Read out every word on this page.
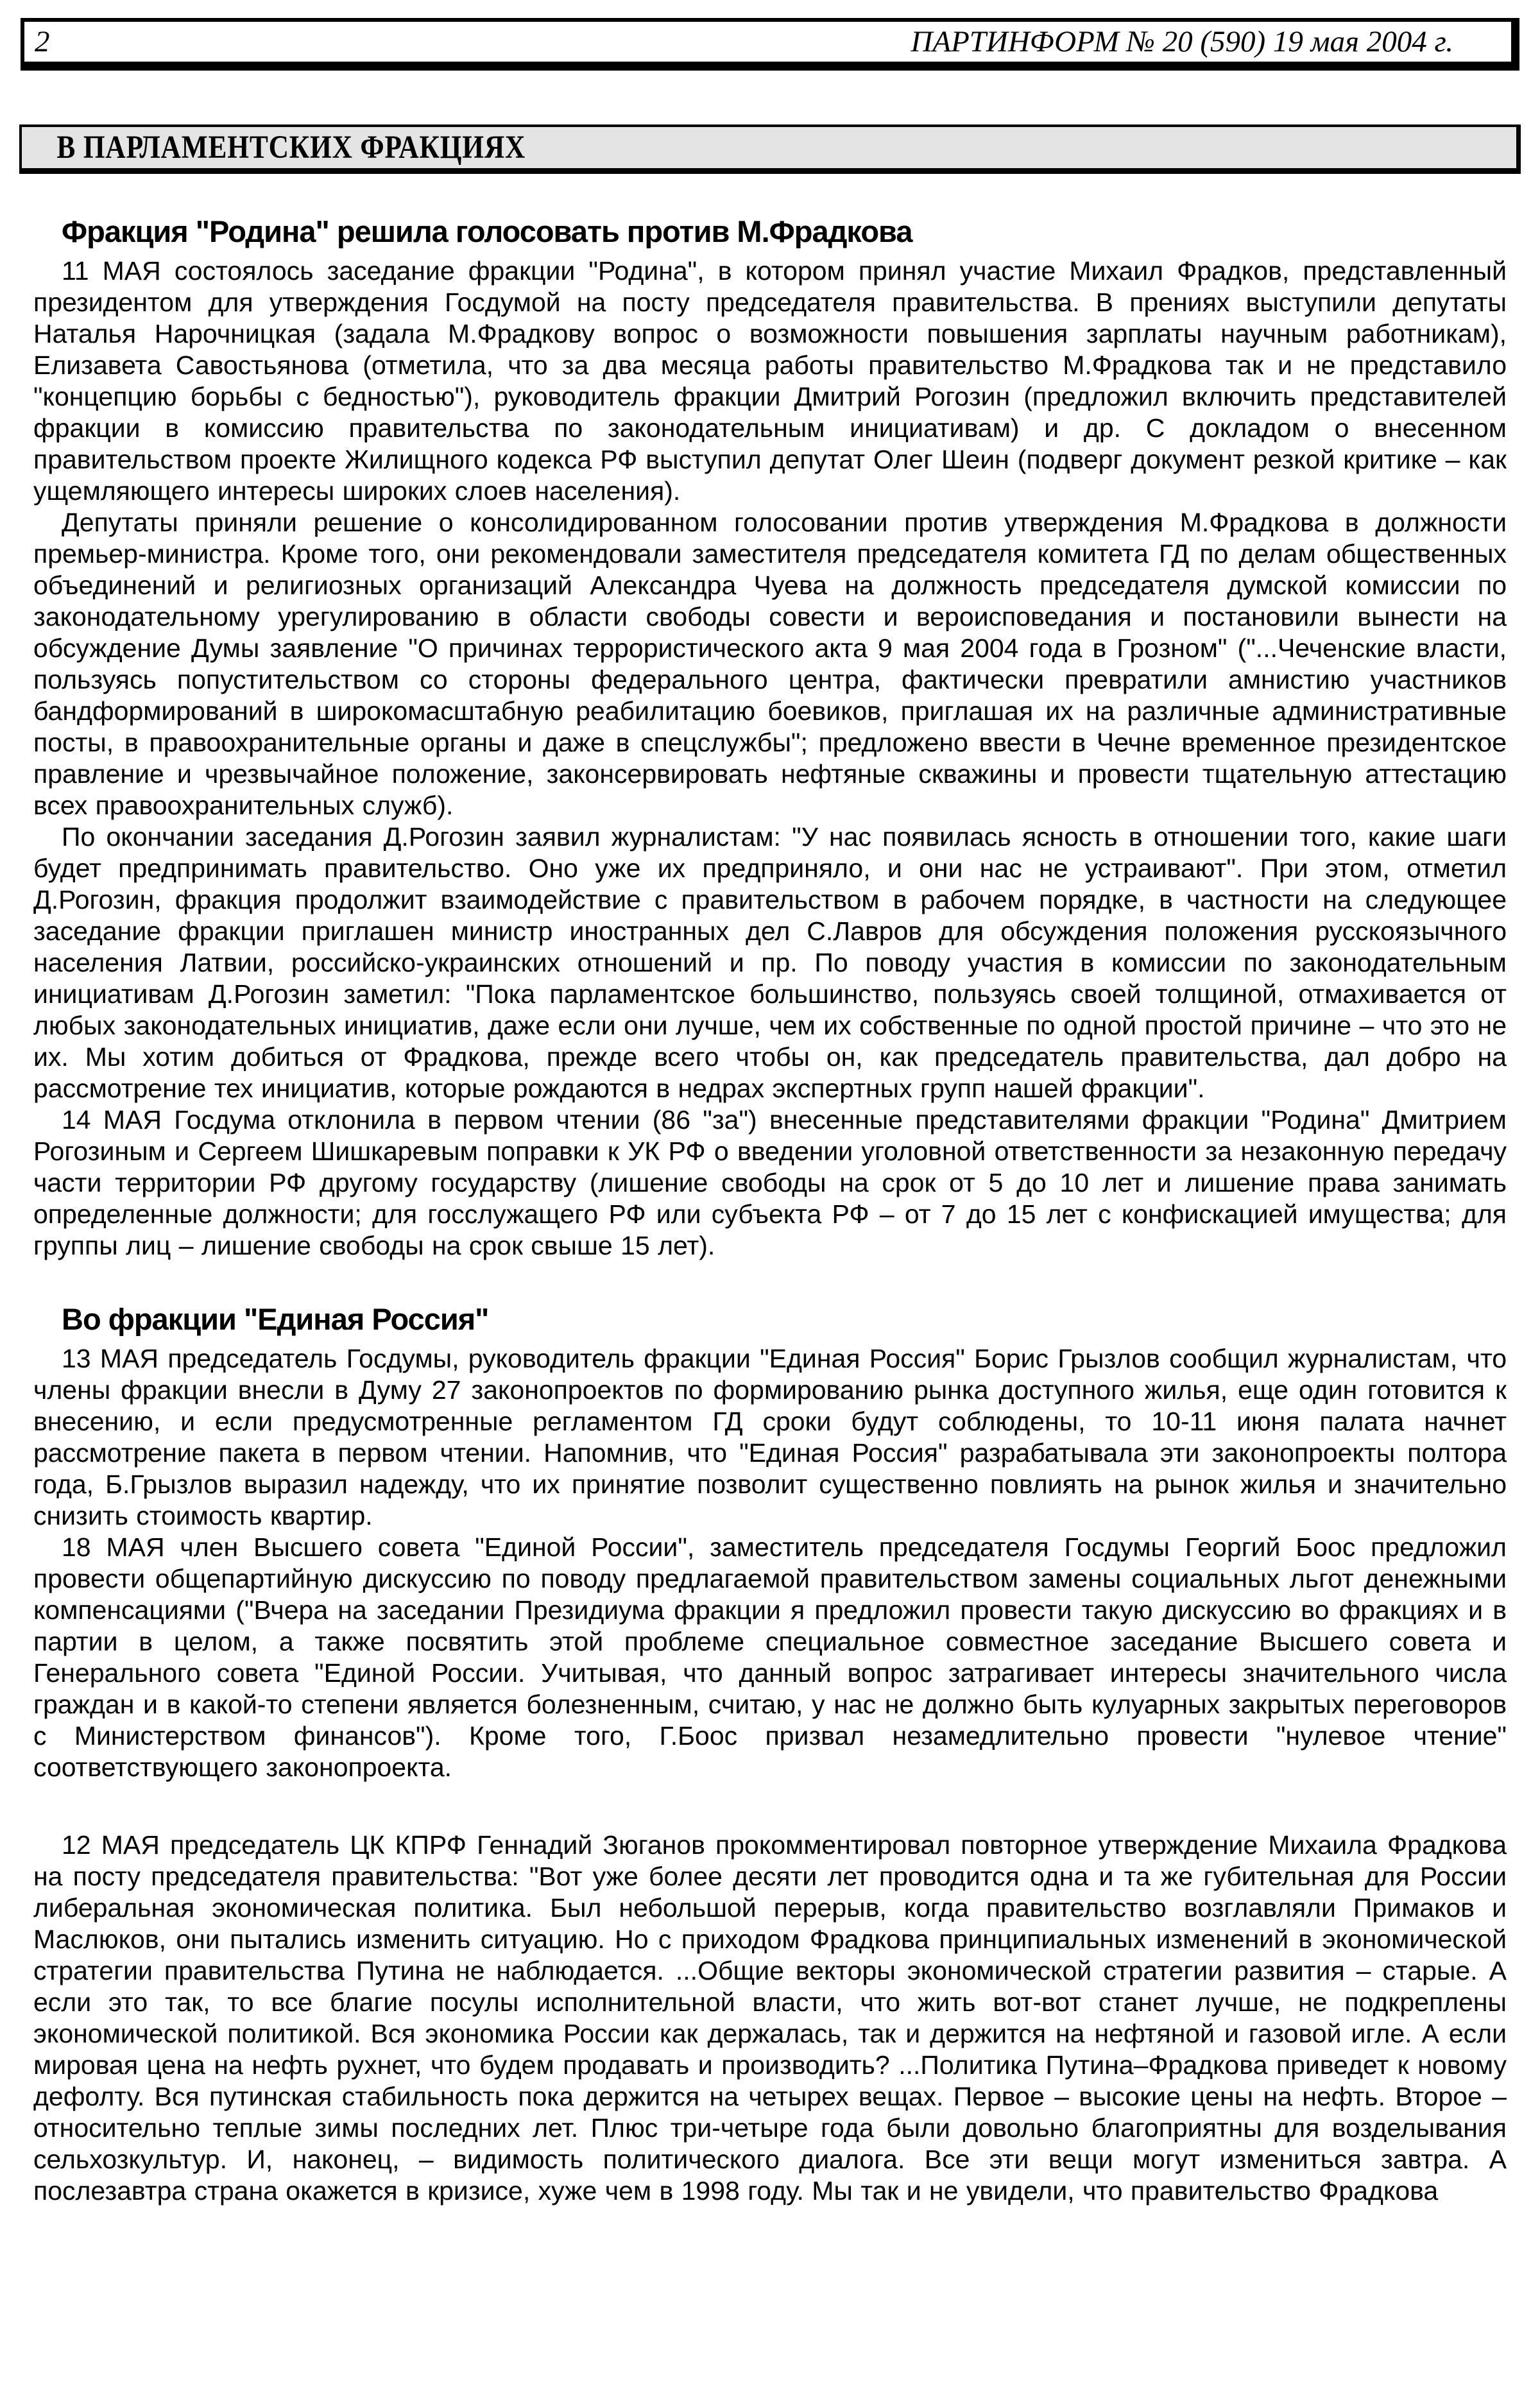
2	ПАРТИНФОРМ № 20 (590) 19 мая 2004 г.
В ПАРЛАМЕНТСКИХ ФРАКЦИЯХ
Фракция "Родина" решила голосовать против М.Фрадкова

11 МАЯ состоялось заседание фракции "Родина", в котором принял участие Михаил Фрадков, представленный президентом для утверждения Госдумой на посту председателя правительства. В прениях выступили депутаты Наталья Нарочницкая (задала М.Фрадкову вопрос о возможности повышения зарплаты научным работникам), Елизавета Савостьянова (отметила, что за два месяца работы правительство М.Фрадкова так и не представило "концепцию борьбы с бедностью"), руководитель фракции Дмитрий Рогозин (предложил включить представителей фракции в комиссию правительства по законодательным инициативам) и др. С докладом о внесенном правительством проекте Жилищного кодекса РФ выступил депутат Олег Шеин (подверг документ резкой критике – как ущемляющего интересы широких слоев населения).

Депутаты приняли решение о консолидированном голосовании против утверждения М.Фрадкова в должности премьер-министра. Кроме того, они рекомендовали заместителя председателя комитета ГД по делам общественных объединений и религиозных организаций Александра Чуева на должность председателя думской комиссии по законодательному урегулированию в области свободы совести и вероисповедания и постановили вынести на обсуждение Думы заявление "О причинах террористического акта 9 мая 2004 года в Грозном" ("...Чеченские власти, пользуясь попустительством со стороны федерального центра, фактически превратили амнистию участников бандформирований в широкомасштабную реабилитацию боевиков, приглашая их на различные административные посты, в правоохранительные органы и даже в спецслужбы"; предложено ввести в Чечне временное президентское правление и чрезвычайное положение, законсервировать нефтяные скважины и провести тщательную аттестацию всех правоохранительных служб).

По окончании заседания Д.Рогозин заявил журналистам: "У нас появилась ясность в отношении того, какие шаги будет предпринимать правительство. Оно уже их предприняло, и они нас не устраивают". При этом, отметил Д.Рогозин, фракция продолжит взаимодействие с правительством в рабочем порядке, в частности на следующее заседание фракции приглашен министр иностранных дел С.Лавров для обсуждения положения русскоязычного населения Латвии, российско-украинских отношений и пр. По поводу участия в комиссии по законодательным инициативам Д.Рогозин заметил: "Пока парламентское большинство, пользуясь своей толщиной, отмахивается от любых законодательных инициатив, даже если они лучше, чем их собственные по одной простой причине – что это не их. Мы хотим добиться от Фрадкова, прежде всего чтобы он, как председатель правительства, дал добро на рассмотрение тех инициатив, которые рождаются в недрах экспертных групп нашей фракции".

14 МАЯ Госдума отклонила в первом чтении (86 "за") внесенные представителями фракции "Родина" Дмитрием Рогозиным и Сергеем Шишкаревым поправки к УК РФ о введении уголовной ответственности за незаконную передачу части территории РФ другому государству (лишение свободы на срок от 5 до 10 лет и лишение права занимать определенные должности; для госслужащего РФ или субъекта РФ – от 7 до 15 лет с конфискацией имущества; для группы лиц – лишение свободы на срок свыше 15 лет).

Во фракции "Единая Россия"

13 МАЯ председатель Госдумы, руководитель фракции "Единая Россия" Борис Грызлов сообщил журналистам, что члены фракции внесли в Думу 27 законопроектов по формированию рынка доступного жилья, еще один готовится к внесению, и если предусмотренные регламентом ГД сроки будут соблюдены, то 10-11 июня палата начнет рассмотрение пакета в первом чтении. Напомнив, что "Единая Россия" разрабатывала эти законопроекты полтора года, Б.Грызлов выразил надежду, что их принятие позволит существенно повлиять на рынок жилья и значительно снизить стоимость квартир.

18 МАЯ член Высшего совета "Единой России", заместитель председателя Госдумы Георгий Боос предложил провести общепартийную дискуссию по поводу предлагаемой правительством замены социальных льгот денежными компенсациями ("Вчера на заседании Президиума фракции я предложил провести такую дискуссию во фракциях и в партии в целом, а также посвятить этой проблеме специальное совместное заседание Высшего совета и Генерального совета "Единой России. Учитывая, что данный вопрос затрагивает интересы значительного числа граждан и в какой-то степени является болезненным, считаю, у нас не должно быть кулуарных закрытых переговоров с Министерством финансов"). Кроме того, Г.Боос призвал незамедлительно провести "нулевое чтение" соответствующего законопроекта.

12 МАЯ председатель ЦК КПРФ Геннадий Зюганов прокомментировал повторное утверждение Михаила Фрадкова на посту председателя правительства: "Вот уже более десяти лет проводится одна и та же губительная для России либеральная экономическая политика. Был небольшой перерыв, когда правительство возглавляли Примаков и Маслюков, они пытались изменить ситуацию. Но с приходом Фрадкова принципиальных изменений в экономической стратегии правительства Путина не наблюдается. ...Общие векторы экономической стратегии развития – старые. А если это так, то все благие посулы исполнительной власти, что жить вот-вот станет лучше, не подкреплены экономической политикой. Вся экономика России как держалась, так и держится на нефтяной и газовой игле. А если мировая цена на нефть рухнет, что будем продавать и производить? ...Политика Путина–Фрадкова приведет к новому дефолту. Вся путинская стабильность пока держится на четырех вещах. Первое – высокие цены на нефть. Второе – относительно теплые зимы последних лет. Плюс три-четыре года были довольно благоприятны для возделывания сельхозкультур. И, наконец, – видимость политического диалога. Все эти вещи могут измениться завтра. А послезавтра страна окажется в кризисе, хуже чем в 1998 году. Мы так и не увидели, что правительство Фрадкова
